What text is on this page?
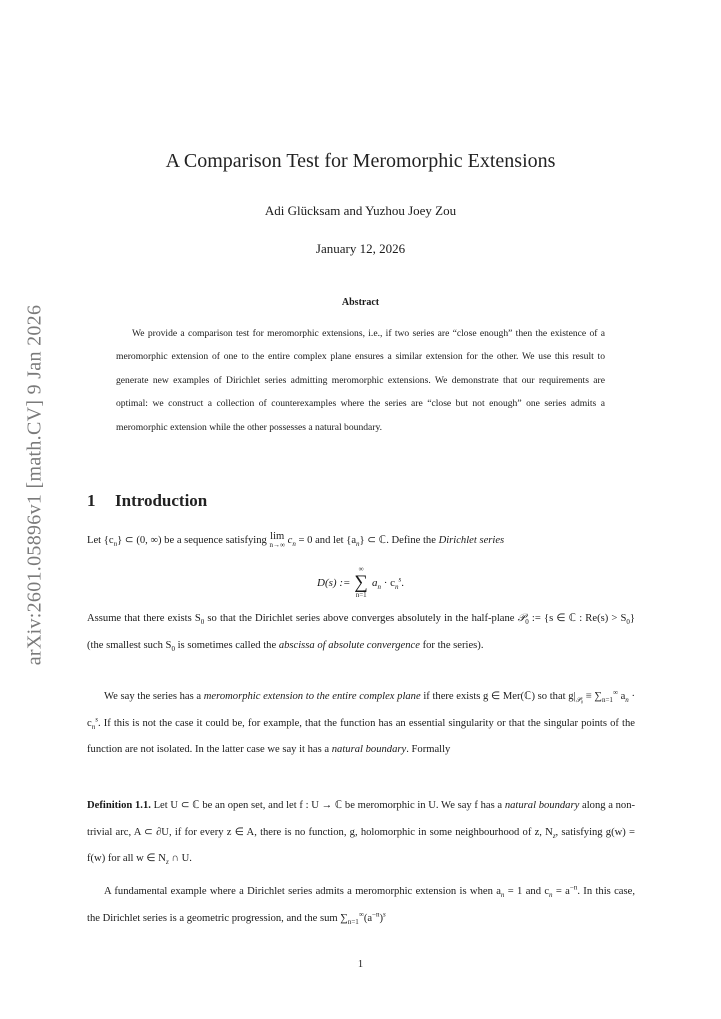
arXiv:2601.05896v1 [math.CV] 9 Jan 2026
A Comparison Test for Meromorphic Extensions
Adi Glücksam and Yuzhou Joey Zou
January 12, 2026
Abstract
We provide a comparison test for meromorphic extensions, i.e., if two series are “close enough” then the existence of a meromorphic extension of one to the entire complex plane ensures a similar extension for the other. We use this result to generate new examples of Dirichlet series admitting meromorphic extensions. We demonstrate that our requirements are optimal: we construct a collection of counterexamples where the series are “close but not enough” one series admits a meromorphic extension while the other possesses a natural boundary.
1 Introduction
Let $\{c_n\}$ ⊂ (0, ∞) be a sequence satisfying lim
n→∞ $c_n = 0$ and let $\{a_n\}$ ⊂ ℂ. Define the Dirichlet series
D(s) :=
∞
∑
n=1
$a_n \cdot c_n^s$.
Assume that there exists $S_0$ so that the Dirichlet series above converges absolutely in the half-plane 𝒫$_0$ := {s ∈ ℂ : $Re(s) > S_0$} (the smallest such $S_0$ is sometimes called the abscissa of absolute convergence for the series).
We say the series has a meromorphic extension to the entire complex plane if there exists g ∈ Mer(ℂ) so that $g|_{𝒫_0} \equiv \sum_{n=1}^\infty$ $a_n \cdot c_n^s$. If this is not the case it could be, for example, that the function has an essential singularity or that the singular points of the function are not isolated. In the latter case we say it has a natural boundary. Formally
Definition 1.1. Let U ⊂ ℂ be an open set, and let f : U → ℂ be meromorphic in U. We say f has a natural boundary along a non-trivial arc, A ⊂ ∂U, if for every z ∈ A, there is no function, g, holomorphic in some neighbourhood of z, $N_z$, satisfying g(w) = f(w) for all w ∈ $N_z$ ∩ U.
A fundamental example where a Dirichlet series admits a meromorphic extension is when $a_n = 1$ and $c_n = a^{-n}$. In this case, the Dirichlet series is a geometric progression, and the sum $\sum_{n=1}^\infty(a^{-n})^s$
1
